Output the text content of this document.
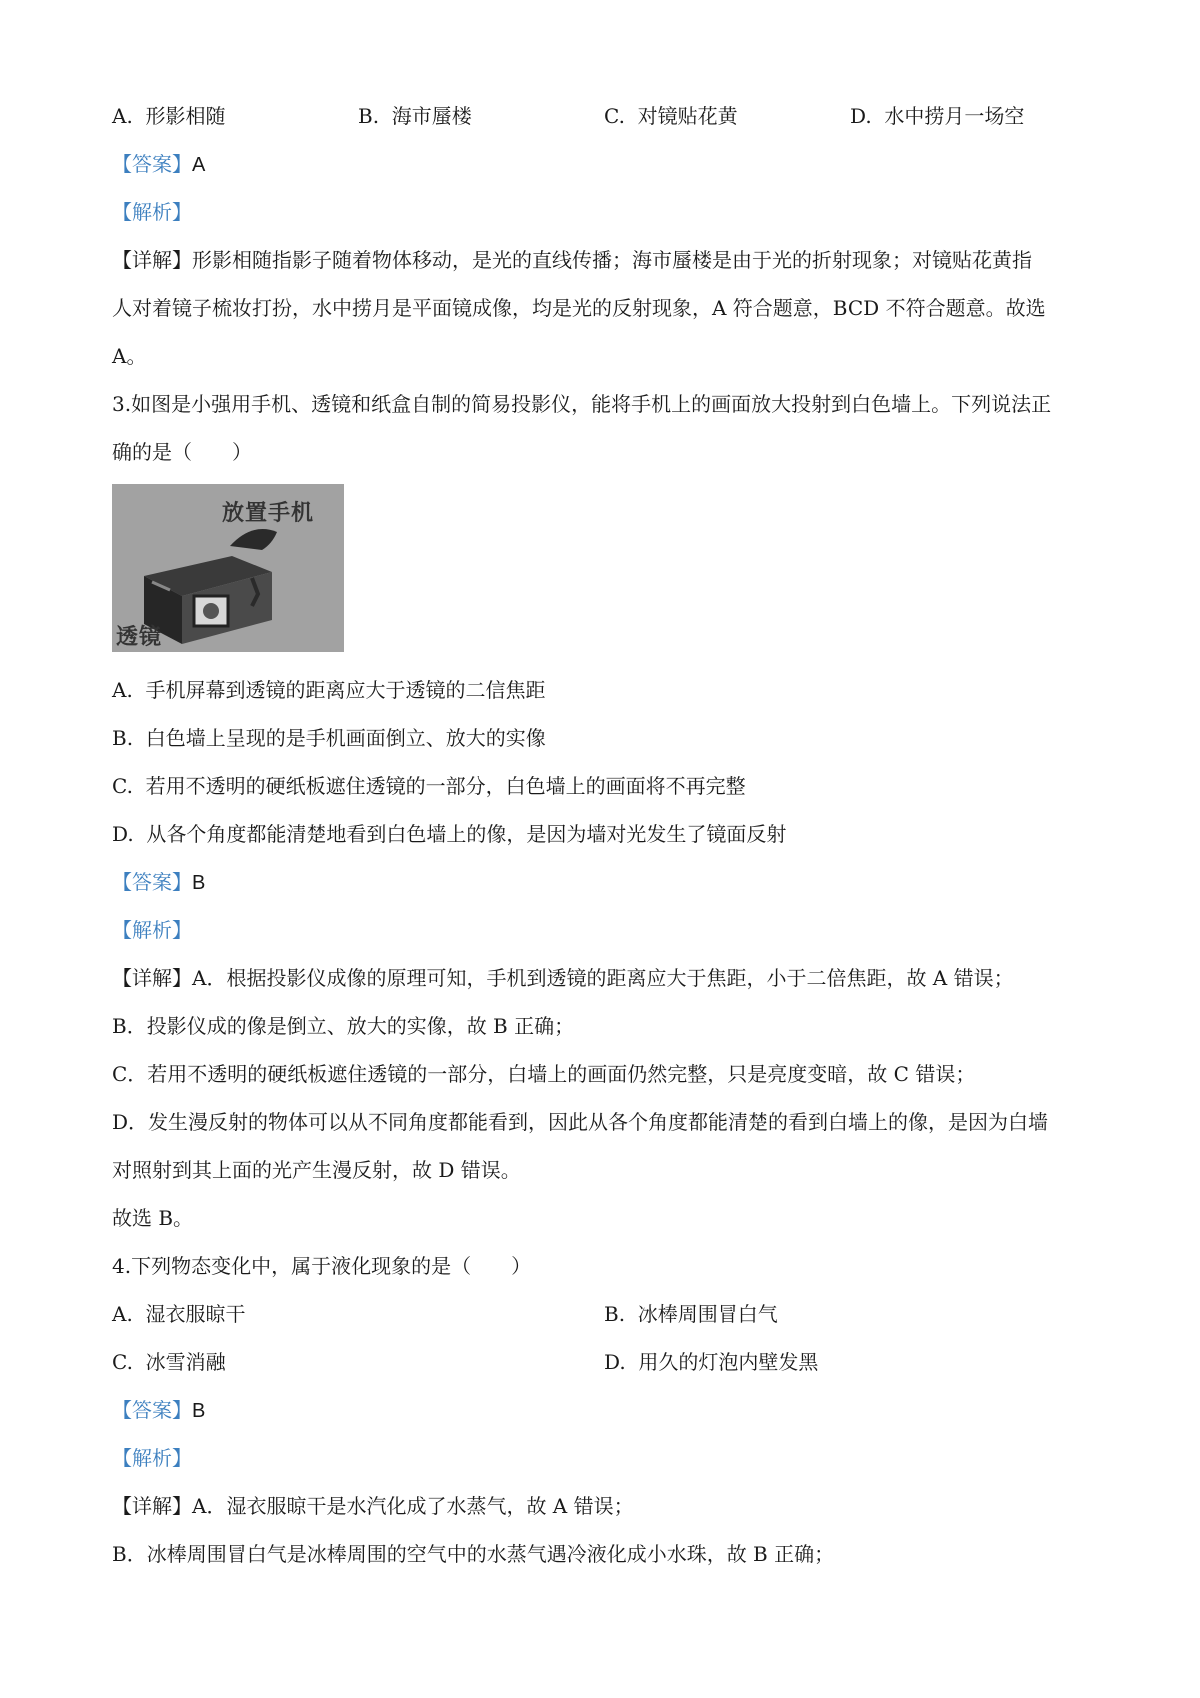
A. 形影相随	B. 海市蜃楼	C. 对镜贴花黄	D. 水中捞月一场空
【答案】A
【解析】
【详解】形影相随指影子随着物体移动，是光的直线传播；海市蜃楼是由于光的折射现象；对镜贴花黄指
人对着镜子梳妆打扮，水中捞月是平面镜成像，均是光的反射现象，A 符合题意，BCD 不符合题意。故选
A。
3.如图是小强用手机、透镜和纸盒自制的简易投影仪，能将手机上的画面放大投射到白色墙上。下列说法正
确的是（　　）
放置手机
透镜
A. 手机屏幕到透镜的距离应大于透镜的二信焦距
B. 白色墙上呈现的是手机画面倒立、放大的实像
C. 若用不透明的硬纸板遮住透镜的一部分，白色墙上的画面将不再完整
D. 从各个角度都能清楚地看到白色墙上的像，是因为墙对光发生了镜面反射
【答案】B
【解析】
【详解】A．根据投影仪成像的原理可知，手机到透镜的距离应大于焦距，小于二倍焦距，故 A 错误；
B．投影仪成的像是倒立、放大的实像，故 B 正确；
C．若用不透明的硬纸板遮住透镜的一部分，白墙上的画面仍然完整，只是亮度变暗，故 C 错误；
D．发生漫反射的物体可以从不同角度都能看到，因此从各个角度都能清楚的看到白墙上的像，是因为白墙
对照射到其上面的光产生漫反射，故 D 错误。
故选 B。
4.下列物态变化中，属于液化现象的是（　　）
A. 湿衣服晾干	B. 冰棒周围冒白气
C. 冰雪消融	D. 用久的灯泡内壁发黑
【答案】B
【解析】
【详解】A．湿衣服晾干是水汽化成了水蒸气，故 A 错误；
B．冰棒周围冒白气是冰棒周围的空气中的水蒸气遇冷液化成小水珠，故 B 正确；
